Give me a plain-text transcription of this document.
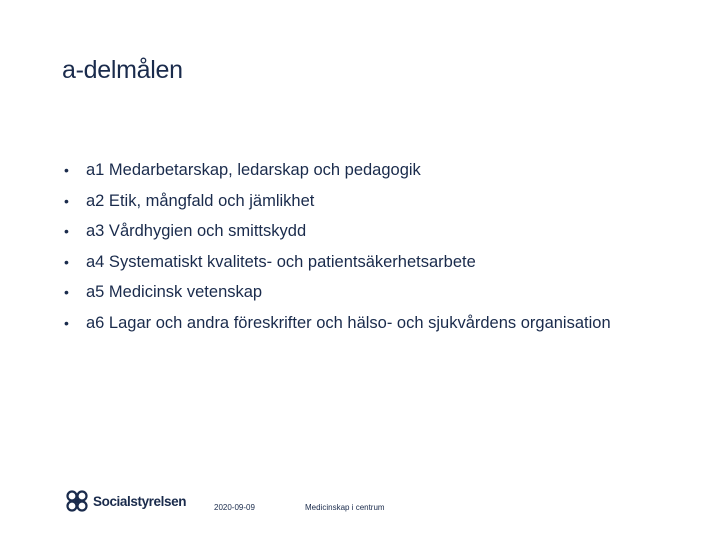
a-delmålen
• a1 Medarbetarskap, ledarskap och pedagogik
• a2 Etik, mångfald och jämlikhet
• a3 Vårdhygien och smittskydd
• a4 Systematiskt kvalitets- och patientsäkerhetsarbete
• a5 Medicinsk vetenskap
• a6 Lagar och andra föreskrifter och hälso- och sjukvårdens organisation
Socialstyrelsen	2020-09-09	Medicinskap i centrum
